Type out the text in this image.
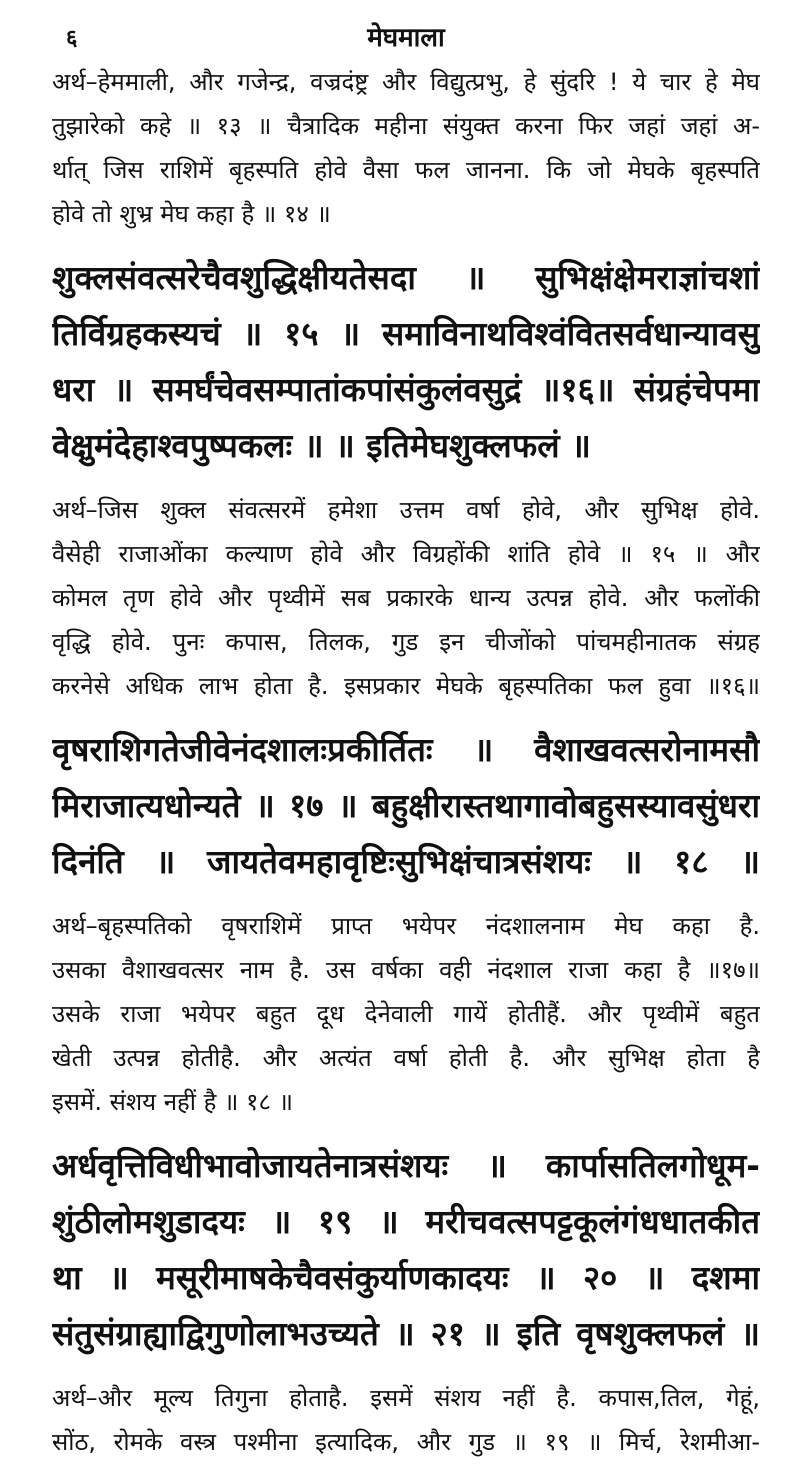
६	मेघमाला
अर्थ–हेममाली, और गजेन्द्र, वज्रदंष्ट्र और विद्युत्प्रभु, हे सुंदरि ! ये चार हे मेघ
तुझारेको कहे ॥ १३ ॥ चैत्रादिक महीना संयुक्त करना फिर जहां जहां अ-
र्थात् जिस राशिमें बृहस्पति होवे वैसा फल जानना. कि जो मेघके बृहस्पति
होवे तो शुभ्र मेघ कहा है ॥ १४ ॥
शुक्लसंवत्सरेचैवशुद्धिक्षीयतेसदा ॥ सुभिक्षंक्षेमराज्ञांचशां
तिर्विग्रहकस्यचं ॥ १५ ॥ समाविनाथविश्वंवितसर्वधान्यावसु
धरा ॥ समर्घंचेवसम्पातांकपांसंकुलंवसुद्रं ॥१६॥ संग्रहंचेपमा
वेक्षुमंदेहाश्वपुष्पकलः ॥ ॥ इतिमेघशुक्लफलं ॥
अर्थ–जिस शुक्ल संवत्सरमें हमेशा उत्तम वर्षा होवे, और सुभिक्ष होवे.
वैसेही राजाओंका कल्याण होवे और विग्रहोंकी शांति होवे ॥ १५ ॥ और
कोमल तृण होवे और पृथ्वीमें सब प्रकारके धान्य उत्पन्न होवे. और फलोंकी
वृद्धि होवे. पुनः कपास, तिलक, गुड इन चीजोंको पांचमहीनातक संग्रह
करनेसे अधिक लाभ होता है. इसप्रकार मेघके बृहस्पतिका फल हुवा ॥१६॥
वृषराशिगतेजीवेनंदशालःप्रकीर्तितः ॥ वैशाखवत्सरोनामसौ
मिराजात्यधोन्यते ॥ १७ ॥ बहुक्षीरास्तथागावोबहुसस्यावसुंधरा
दिनंति ॥ जायतेवमहावृष्टिःसुभिक्षंचात्रसंशयः ॥ १८ ॥
अर्थ–बृहस्पतिको वृषराशिमें प्राप्त भयेपर नंदशालनाम मेघ कहा है.
उसका वैशाखवत्सर नाम है. उस वर्षका वही नंदशाल राजा कहा है ॥१७॥
उसके राजा भयेपर बहुत दूध देनेवाली गायें होतीहैं. और पृथ्वीमें बहुत
खेती उत्पन्न होतीहै. और अत्यंत वर्षा होती है. और सुभिक्ष होता है
इसमें. संशय नहीं है ॥ १८ ॥
अर्धवृत्तिविधीभावोजायतेनात्रसंशयः ॥ कार्पासतिलगोधूम-
शुंठीलोमशुडादयः ॥ १९ ॥ मरीचवत्सपट्टकूलंगंधधातकीत
था ॥ मसूरीमाषकेचैवसंकुर्याणकादयः ॥ २० ॥ दशमा
संतुसंग्राह्याद्विगुणोलाभउच्यते ॥ २१ ॥ इति वृषशुक्लफलं ॥
अर्थ–और मूल्य तिगुना होताहै. इसमें संशय नहीं है. कपास,तिल, गेहूं,
सोंठ, रोमके वस्त्र पश्मीना इत्यादिक, और गुड ॥ १९ ॥ मिर्च, रेशमीआ-
